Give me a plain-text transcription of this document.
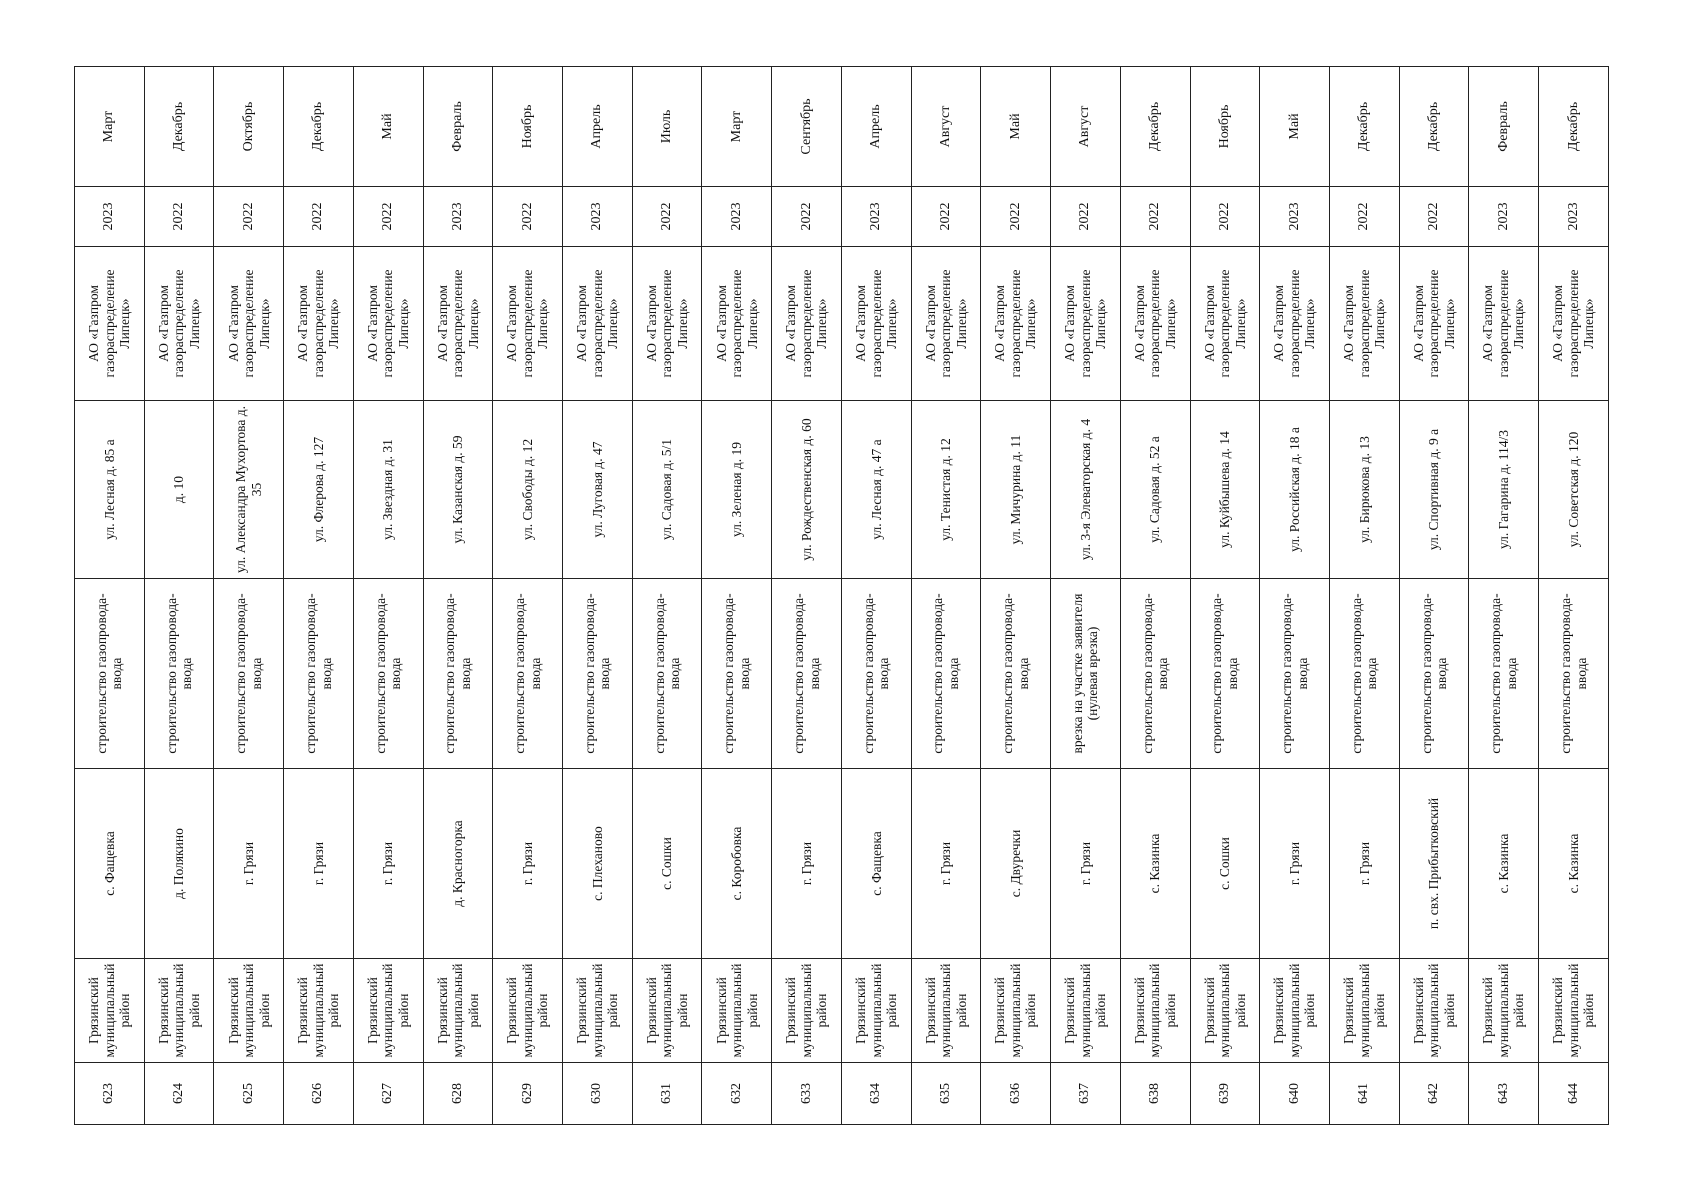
623	Грязинский муниципальный район	с. Фащевка	строительство газопровода-ввода	ул. Лесная д. 85 а	АО «Газпром газораспределение Липецк»	2023	Март
624	Грязинский муниципальный район	д. Полякино	строительство газопровода-ввода	д. 10	АО «Газпром газораспределение Липецк»	2022	Декабрь
625	Грязинский муниципальный район	г. Грязи	строительство газопровода-ввода	ул. Александра Мухортова д. 35	АО «Газпром газораспределение Липецк»	2022	Октябрь
626	Грязинский муниципальный район	г. Грязи	строительство газопровода-ввода	ул. Флерова д. 127	АО «Газпром газораспределение Липецк»	2022	Декабрь
627	Грязинский муниципальный район	г. Грязи	строительство газопровода-ввода	ул. Звездная д. 31	АО «Газпром газораспределение Липецк»	2022	Май
628	Грязинский муниципальный район	д. Красногорка	строительство газопровода-ввода	ул. Казанская д. 59	АО «Газпром газораспределение Липецк»	2023	Февраль
629	Грязинский муниципальный район	г. Грязи	строительство газопровода-ввода	ул. Свободы д. 12	АО «Газпром газораспределение Липецк»	2022	Ноябрь
630	Грязинский муниципальный район	с. Плеханово	строительство газопровода-ввода	ул. Луговая д. 47	АО «Газпром газораспределение Липецк»	2023	Апрель
631	Грязинский муниципальный район	с. Сошки	строительство газопровода-ввода	ул. Садовая д. 5/1	АО «Газпром газораспределение Липецк»	2022	Июль
632	Грязинский муниципальный район	с. Коробовка	строительство газопровода-ввода	ул. Зеленая д. 19	АО «Газпром газораспределение Липецк»	2023	Март
633	Грязинский муниципальный район	г. Грязи	строительство газопровода-ввода	ул. Рождественская д. 60	АО «Газпром газораспределение Липецк»	2022	Сентябрь
634	Грязинский муниципальный район	с. Фащевка	строительство газопровода-ввода	ул. Лесная д. 47 а	АО «Газпром газораспределение Липецк»	2023	Апрель
635	Грязинский муниципальный район	г. Грязи	строительство газопровода-ввода	ул. Тенистая д. 12	АО «Газпром газораспределение Липецк»	2022	Август
636	Грязинский муниципальный район	с. Двуречки	строительство газопровода-ввода	ул. Мичурина д. 11	АО «Газпром газораспределение Липецк»	2022	Май
637	Грязинский муниципальный район	г. Грязи	врезка на участке заявителя (нулевая врезка)	ул. 3-я Элеваторская д. 4	АО «Газпром газораспределение Липецк»	2022	Август
638	Грязинский муниципальный район	с. Казинка	строительство газопровода-ввода	ул. Садовая д. 52 а	АО «Газпром газораспределение Липецк»	2022	Декабрь
639	Грязинский муниципальный район	с. Сошки	строительство газопровода-ввода	ул. Куйбышева д. 14	АО «Газпром газораспределение Липецк»	2022	Ноябрь
640	Грязинский муниципальный район	г. Грязи	строительство газопровода-ввода	ул. Российская д. 18 а	АО «Газпром газораспределение Липецк»	2023	Май
641	Грязинский муниципальный район	г. Грязи	строительство газопровода-ввода	ул. Бирюкова д. 13	АО «Газпром газораспределение Липецк»	2022	Декабрь
642	Грязинский муниципальный район	п. свх. Прибытковский	строительство газопровода-ввода	ул. Спортивная д. 9 а	АО «Газпром газораспределение Липецк»	2022	Декабрь
643	Грязинский муниципальный район	с. Казинка	строительство газопровода-ввода	ул. Гагарина д. 114/3	АО «Газпром газораспределение Липецк»	2023	Февраль
644	Грязинский муниципальный район	с. Казинка	строительство газопровода-ввода	ул. Советская д. 120	АО «Газпром газораспределение Липецк»	2023	Декабрь
